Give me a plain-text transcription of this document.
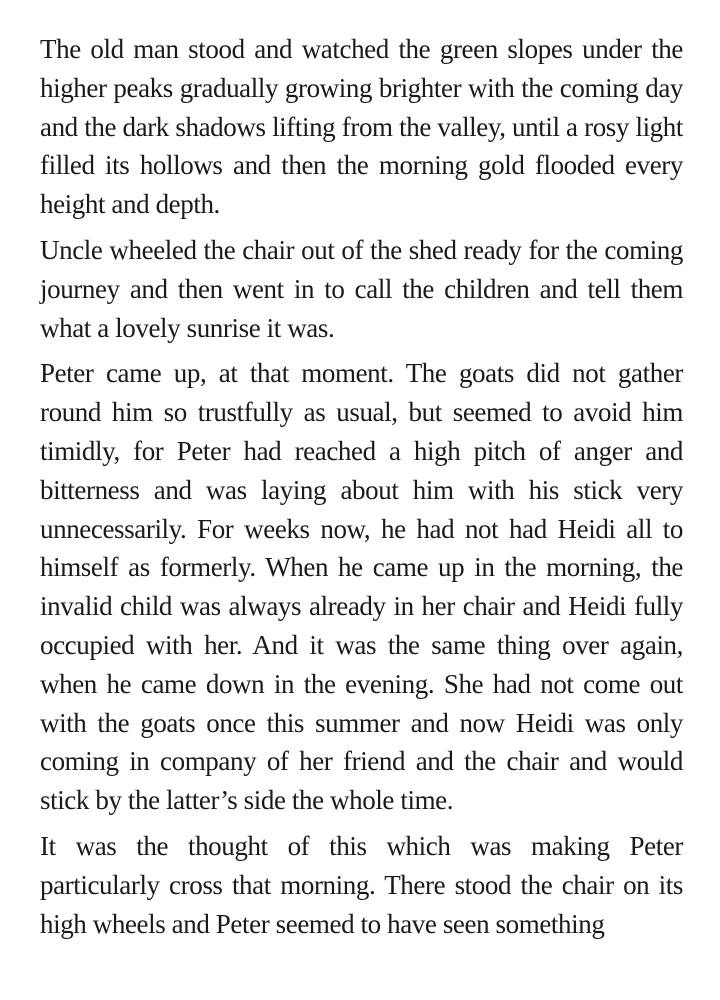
The old man stood and watched the green slopes under the higher peaks gradually growing brighter with the coming day and the dark shadows lifting from the valley, until a rosy light filled its hollows and then the morning gold flooded every height and depth.

Uncle wheeled the chair out of the shed ready for the coming journey and then went in to call the children and tell them what a lovely sunrise it was.

Peter came up, at that moment. The goats did not gather round him so trustfully as usual, but seemed to avoid him timidly, for Peter had reached a high pitch of anger and bitterness and was laying about him with his stick very unnecessarily. For weeks now, he had not had Heidi all to himself as formerly. When he came up in the morning, the invalid child was always already in her chair and Heidi fully occupied with her. And it was the same thing over again, when he came down in the evening. She had not come out with the goats once this summer and now Heidi was only coming in company of her friend and the chair and would stick by the latter’s side the whole time.

It was the thought of this which was making Peter particularly cross that morning. There stood the chair on its high wheels and Peter seemed to have seen something
